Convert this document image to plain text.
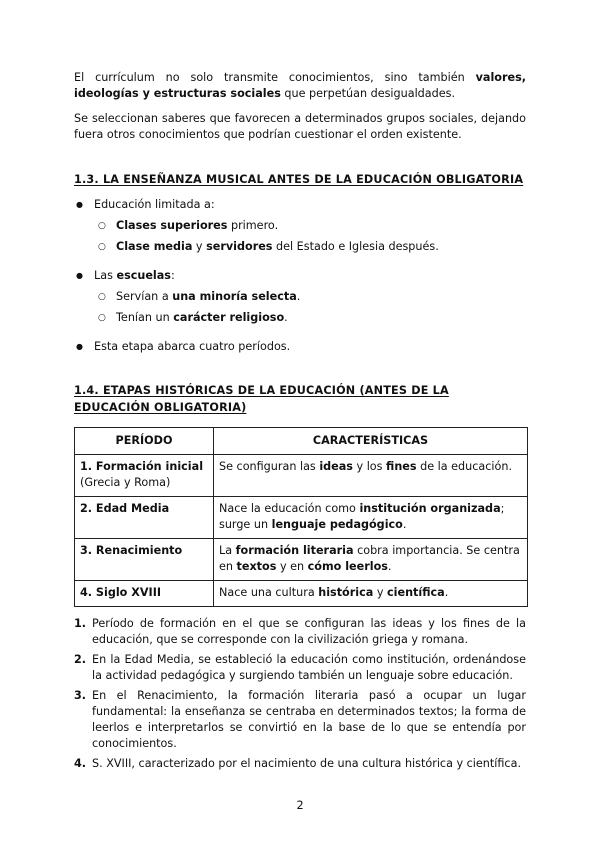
El currículum no solo transmite conocimientos, sino también valores, ideologías y estructuras sociales que perpetúan desigualdades.

Se seleccionan saberes que favorecen a determinados grupos sociales, dejando fuera otros conocimientos que podrían cuestionar el orden existente.

1.3. LA ENSEÑANZA MUSICAL ANTES DE LA EDUCACIÓN OBLIGATORIA
● Educación limitada a:
○ Clases superiores primero.
○ Clase media y servidores del Estado e Iglesia después.
● Las escuelas:
○ Servían a una minoría selecta.
○ Tenían un carácter religioso.
● Esta etapa abarca cuatro períodos.
1.4. ETAPAS HISTÓRICAS DE LA EDUCACIÓN (ANTES DE LA EDUCACIÓN OBLIGATORIA)
PERÍODO	CARACTERÍSTICAS
1. Formación inicial
(Grecia y Roma)	Se configuran las ideas y los fines de la educación.
2. Edad Media	Nace la educación como institución organizada; surge un lenguaje pedagógico.
3. Renacimiento	La formación literaria cobra importancia. Se centra en textos y en cómo leerlos.
4. Siglo XVIII	Nace una cultura histórica y científica.
1. Período de formación en el que se configuran las ideas y los fines de la educación, que se corresponde con la civilización griega y romana.
2. En la Edad Media, se estableció la educación como institución, ordenándose la actividad pedagógica y surgiendo también un lenguaje sobre educación.
3. En el Renacimiento, la formación literaria pasó a ocupar un lugar fundamental: la enseñanza se centraba en determinados textos; la forma de leerlos e interpretarlos se convirtió en la base de lo que se entendía por conocimientos.
4. S. XVIII, caracterizado por el nacimiento de una cultura histórica y científica.
2
